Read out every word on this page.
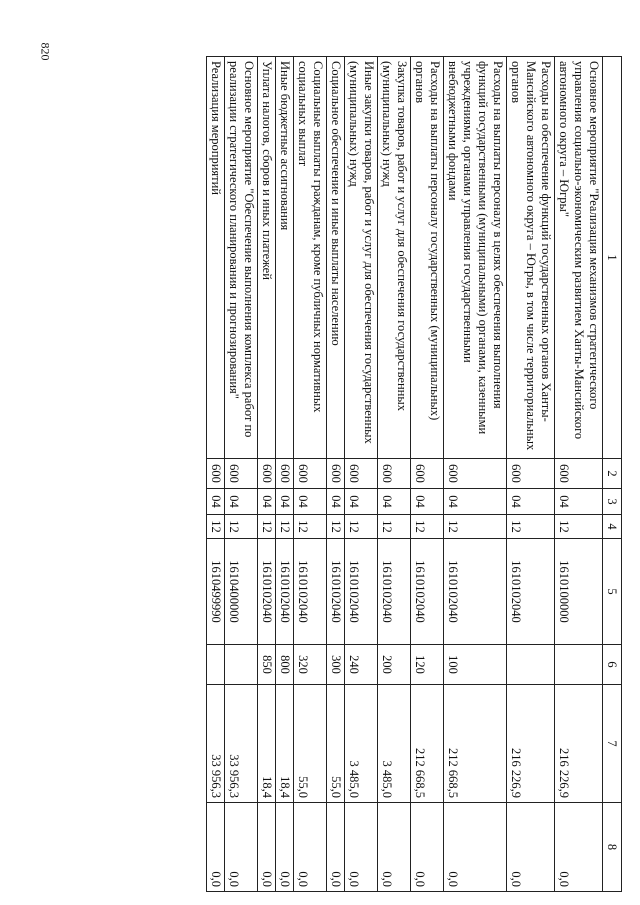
820
1	2	3	4	5	6	7	8
Основное мероприятие "Реализация механизмов стратегического управления социально-экономическим развитием Ханты-Мансийского автономного округа – Югры"	600	04	12	1610100000		216 226,9	0,0
Расходы на обеспечение функций государственных органов Ханты-Мансийского автономного округа – Югры, в том числе территориальных органов	600	04	12	1610102040		216 226,9	0,0
Расходы на выплаты персоналу в целях обеспечения выполнения функций государственными (муниципальными) органами, казенными учреждениями, органами управления государственными внебюджетными фондами	600	04	12	1610102040	100	212 668,5	0,0
Расходы на выплаты персоналу государственных (муниципальных) органов	600	04	12	1610102040	120	212 668,5	0,0
Закупка товаров, работ и услуг для обеспечения государственных (муниципальных) нужд	600	04	12	1610102040	200	3 485,0	0,0
Иные закупки товаров, работ и услуг для обеспечения государственных (муниципальных) нужд	600	04	12	1610102040	240	3 485,0	0,0
Социальное обеспечение и иные выплаты населению	600	04	12	1610102040	300	55,0	0,0
Социальные выплаты гражданам, кроме публичных нормативных социальных выплат	600	04	12	1610102040	320	55,0	0,0
Иные бюджетные ассигнования	600	04	12	1610102040	800	18,4	0,0
Уплата налогов, сборов и иных платежей	600	04	12	1610102040	850	18,4	0,0
Основное мероприятие "Обеспечение выполнения комплекса работ по реализации стратегического планирования и прогнозирования"	600	04	12	1610400000		33 956,3	0,0
Реализация мероприятий	600	04	12	1610499990		33 956,3	0,0
